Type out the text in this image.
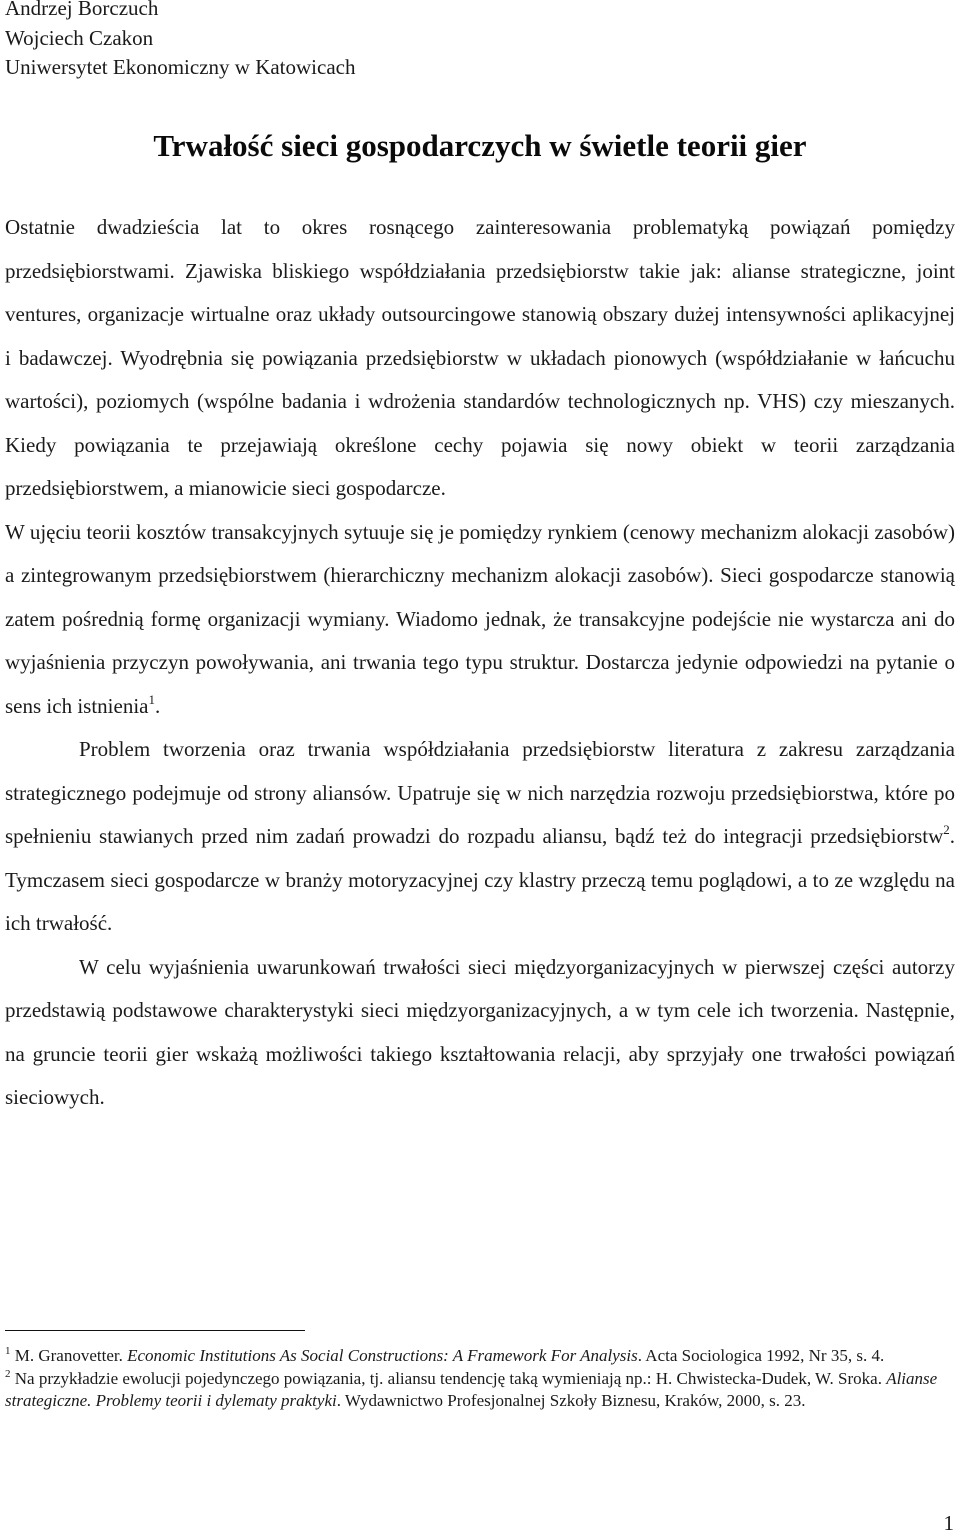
Andrzej Borczuch
Wojciech Czakon
Uniwersytet Ekonomiczny w Katowicach
Trwałość sieci gospodarczych w świetle teorii gier

Ostatnie dwadzieścia lat to okres rosnącego zainteresowania problematyką powiązań pomiędzy przedsiębiorstwami. Zjawiska bliskiego współdziałania przedsiębiorstw takie jak: alianse strategiczne, joint ventures, organizacje wirtualne oraz układy outsourcingowe stanowią obszary dużej intensywności aplikacyjnej i badawczej. Wyodrębnia się powiązania przedsiębiorstw w układach pionowych (współdziałanie w łańcuchu wartości), poziomych (wspólne badania i wdrożenia standardów technologicznych np. VHS) czy mieszanych. Kiedy powiązania te przejawiają określone cechy pojawia się nowy obiekt w teorii zarządzania przedsiębiorstwem, a mianowicie sieci gospodarcze.

W ujęciu teorii kosztów transakcyjnych sytuuje się je pomiędzy rynkiem (cenowy mechanizm alokacji zasobów) a zintegrowanym przedsiębiorstwem (hierarchiczny mechanizm alokacji zasobów). Sieci gospodarcze stanowią zatem pośrednią formę organizacji wymiany. Wiadomo jednak, że transakcyjne podejście nie wystarcza ani do wyjaśnienia przyczyn powoływania, ani trwania tego typu struktur. Dostarcza jedynie odpowiedzi na pytanie o sens ich istnienia$^1$.

Problem tworzenia oraz trwania współdziałania przedsiębiorstw literatura z zakresu zarządzania strategicznego podejmuje od strony aliansów. Upatruje się w nich narzędzia rozwoju przedsiębiorstwa, które po spełnieniu stawianych przed nim zadań prowadzi do rozpadu aliansu, bądź też do integracji przedsiębiorstw$^2$. Tymczasem sieci gospodarcze w branży motoryzacyjnej czy klastry przeczą temu poglądowi, a to ze względu na ich trwałość.

W celu wyjaśnienia uwarunkowań trwałości sieci międzyorganizacyjnych w pierwszej części autorzy przedstawią podstawowe charakterystyki sieci międzyorganizacyjnych, a w tym cele ich tworzenia. Następnie, na gruncie teorii gier wskażą możliwości takiego kształtowania relacji, aby sprzyjały one trwałości powiązań sieciowych.

$^1$ M. Granovetter. Economic Institutions As Social Constructions: A Framework For Analysis. Acta Sociologica 1992, Nr 35, s. 4.

$^2$ Na przykładzie ewolucji pojedynczego powiązania, tj. aliansu tendencję taką wymieniają np.: H. Chwistecka-Dudek, W. Sroka. Alianse strategiczne. Problemy teorii i dylematy praktyki. Wydawnictwo Profesjonalnej Szkoły Biznesu, Kraków, 2000, s. 23.

1
